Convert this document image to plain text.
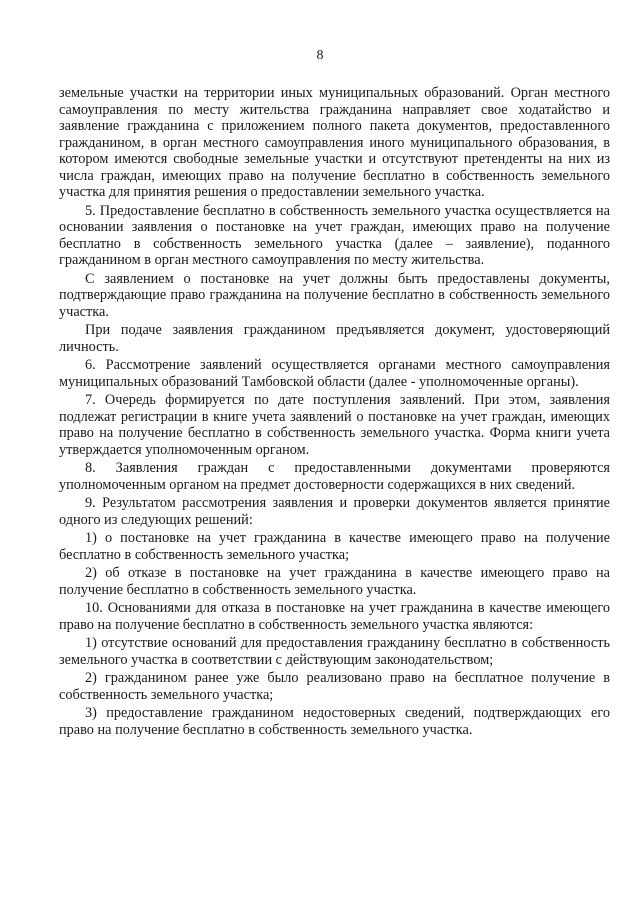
8

земельные участки на территории иных муниципальных образований. Орган местного самоуправления по месту жительства гражданина направляет свое ходатайство и заявление гражданина с приложением полного пакета документов, предоставленного гражданином, в орган местного самоуправления иного муниципального образования, в котором имеются свободные земельные участки и отсутствуют претенденты на них из числа граждан, имеющих право на получение бесплатно в собственность земельного участка для принятия решения о предоставлении земельного участка.

5. Предоставление бесплатно в собственность земельного участка осуществляется на основании заявления о постановке на учет граждан, имеющих право на получение бесплатно в собственность земельного участка (далее – заявление), поданного гражданином в орган местного самоуправления по месту жительства.

С заявлением о постановке на учет должны быть предоставлены документы, подтверждающие право гражданина на получение бесплатно в собственность земельного участка.

При подаче заявления гражданином предъявляется документ, удостоверяющий личность.

6. Рассмотрение заявлений осуществляется органами местного самоуправления муниципальных образований Тамбовской области (далее - уполномоченные органы).

7. Очередь формируется по дате поступления заявлений. При этом, заявления подлежат регистрации в книге учета заявлений о постановке на учет граждан, имеющих право на получение бесплатно в собственность земельного участка. Форма книги учета утверждается уполномоченным органом.

8. Заявления граждан с предоставленными документами проверяются уполномоченным органом на предмет достоверности содержащихся в них сведений.

9. Результатом рассмотрения заявления и проверки документов является принятие одного из следующих решений:

1) о постановке на учет гражданина в качестве имеющего право на получение бесплатно в собственность земельного участка;

2) об отказе в постановке на учет гражданина в качестве имеющего право на получение бесплатно в собственность земельного участка.

10. Основаниями для отказа в постановке на учет гражданина в качестве имеющего право на получение бесплатно в собственность земельного участка являются:

1) отсутствие оснований для предоставления гражданину бесплатно в собственность земельного участка в соответствии с действующим законодательством;

2) гражданином ранее уже было реализовано право на бесплатное получение в собственность земельного участка;

3) предоставление гражданином недостоверных сведений, подтверждающих его право на получение бесплатно в собственность земельного участка.
